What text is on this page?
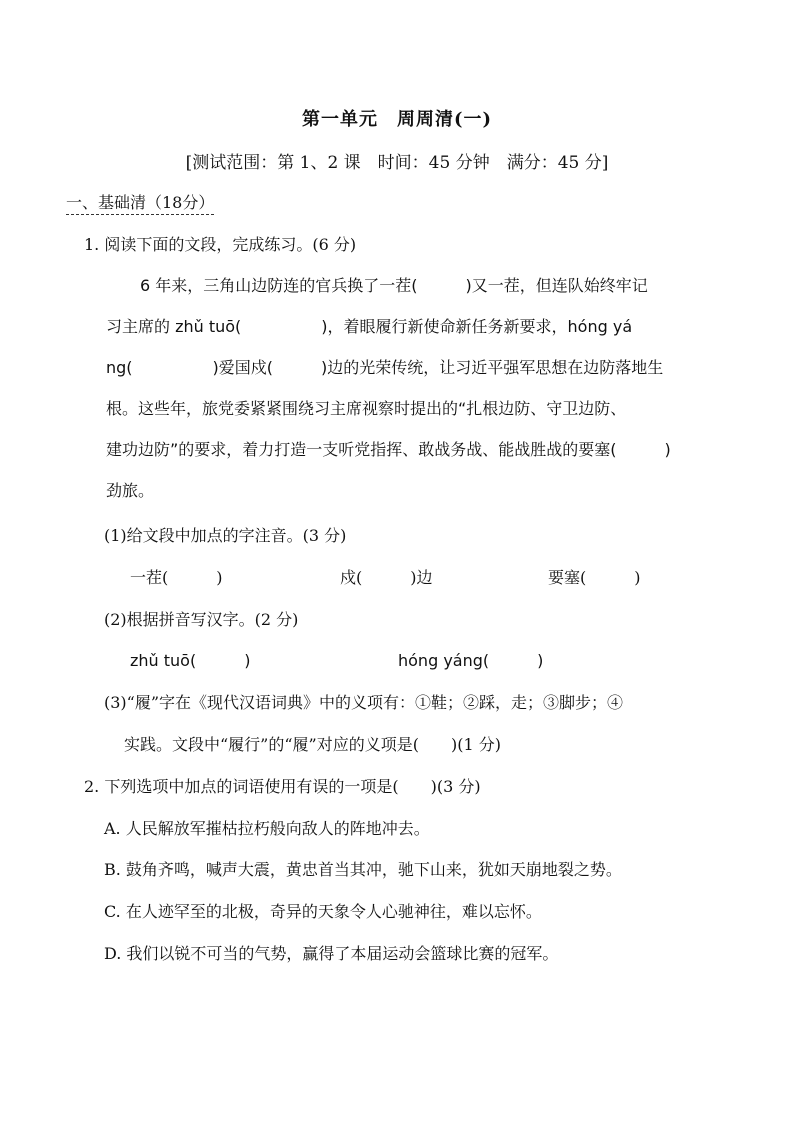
第一单元　周周清(一)
[测试范围：第 1、2 课　时间：45 分钟　满分：45 分]
一、基础清（18分）
1. 阅读下面的文段，完成练习。(6 分)
6 年来，三角山边防连的官兵换了一茬(　　　)又一茬，但连队始终牢记
习主席的 zhǔ tuō(　　　　　)，着眼履行新使命新任务新要求，hóng yá
ng(　　　　　)爱国戍(　　　)边的光荣传统，让习近平强军思想在边防落地生
根。这些年，旅党委紧紧围绕习主席视察时提出的“扎根边防、守卫边防、
建功边防”的要求，着力打造一支听党指挥、敢战务战、能战胜战的要塞(　　　)
劲旅。
(1)给文段中加点的字注音。(3 分)
一茬(　　　)	戍(　　　)边	要塞(　　　)
(2)根据拼音写汉字。(2 分)
zhǔ tuō(　　　)	hóng yáng(　　　)
(3)“履”字在《现代汉语词典》中的义项有：①鞋；②踩，走；③脚步；④
实践。文段中“履行”的“履”对应的义项是(　　)(1 分)
2. 下列选项中加点的词语使用有误的一项是(　　)(3 分)
A. 人民解放军摧枯拉朽般向敌人的阵地冲去。
B. 鼓角齐鸣，喊声大震，黄忠首当其冲，驰下山来，犹如天崩地裂之势。
C. 在人迹罕至的北极，奇异的天象令人心驰神往，难以忘怀。
D. 我们以锐不可当的气势，赢得了本届运动会篮球比赛的冠军。
